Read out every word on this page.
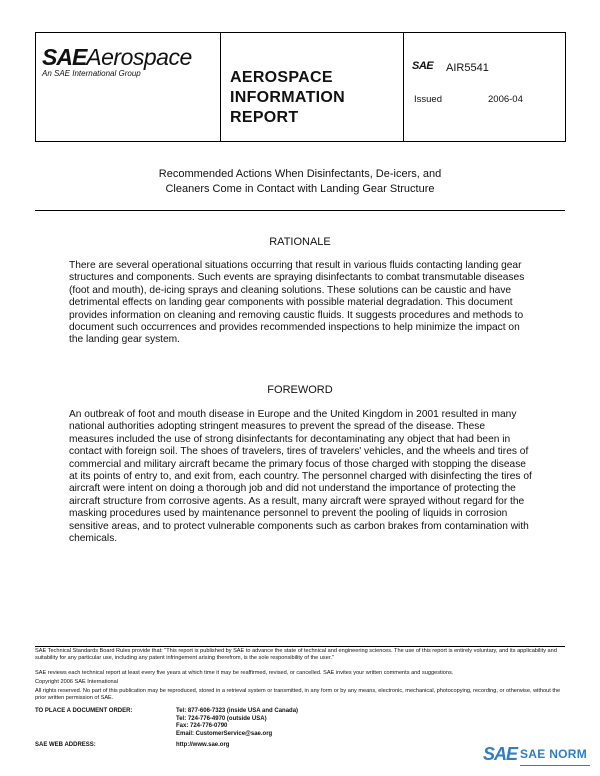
SAEAerospace
An SAE International Group	AEROSPACE
INFORMATION
REPORT
SAE AIR5541
Issued	2006-04
Recommended Actions When Disinfectants, De-icers, and
Cleaners Come in Contact with Landing Gear Structure
RATIONALE
There are several operational situations occurring that result in various fluids contacting landing gear structures and components. Such events are spraying disinfectants to combat transmutable diseases (foot and mouth), de-icing sprays and cleaning solutions. These solutions can be caustic and have detrimental effects on landing gear components with possible material degradation. This document provides information on cleaning and removing caustic fluids. It suggests procedures and methods to document such occurrences and provides recommended inspections to help minimize the impact on the landing gear system.
FOREWORD
An outbreak of foot and mouth disease in Europe and the United Kingdom in 2001 resulted in many national authorities adopting stringent measures to prevent the spread of the disease. These measures included the use of strong disinfectants for decontaminating any object that had been in contact with foreign soil. The shoes of travelers, tires of travelers' vehicles, and the wheels and tires of commercial and military aircraft became the primary focus of those charged with stopping the disease at its points of entry to, and exit from, each country. The personnel charged with disinfecting the tires of aircraft were intent on doing a thorough job and did not understand the importance of protecting the aircraft structure from corrosive agents. As a result, many aircraft were sprayed without regard for the masking procedures used by maintenance personnel to prevent the pooling of liquids in corrosion sensitive areas, and to protect vulnerable components such as carbon brakes from contamination with chemicals.
SAE Technical Standards Board Rules provide that: "This report is published by SAE to advance the state of technical and engineering sciences. The use of this report is entirely voluntary, and its applicability and suitability for any particular use, including any patent infringement arising therefrom, is the sole responsibility of the user."
SAE reviews each technical report at least every five years at which time it may be reaffirmed, revised, or cancelled. SAE invites your written comments and suggestions.
Copyright 2006 SAE International
All rights reserved. No part of this publication may be reproduced, stored in a retrieval system or transmitted, in any form or by any means, electronic, mechanical, photocopying, recording, or otherwise, without the prior written permission of SAE.
TO PLACE A DOCUMENT ORDER:	Tel: 877-606-7323 (inside USA and Canada)
Tel: 724-776-4970 (outside USA)
Fax: 724-776-0790
Email: CustomerService@sae.org
SAE WEB ADDRESS:	http://www.sae.org	SAE SAE NORM
